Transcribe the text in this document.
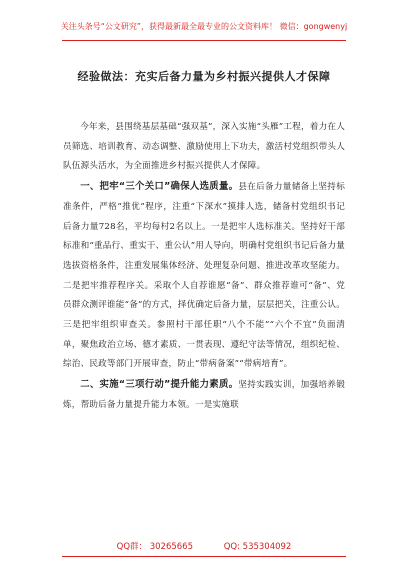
关注头条号“公文研究”，获得最新最全最专业的公文资料库！ 微信：gongwenyj
经验做法：充实后备力量为乡村振兴提供人才保障

今年来，县围绕基层基础“强双基”，深入实施“头雁”工程，着力在人员筛选、培训教育、动态调整、激励使用上下功夫，激活村党组织带头人队伍源头活水，为全面推进乡村振兴提供人才保障。

一、把牢“三个关口”确保人选质量。县在后备力量储备上坚持标准条件，严格“推优”程序，注重“下深水”摸排人选，储备村党组织书记后备力量728名，平均每村2名以上。一是把牢人选标准关。坚持好干部标准和“重品行、重实干、重公认”用人导向，明确村党组织书记后备力量选拔资格条件，注重发展集体经济、处理复杂问题、推进改革攻坚能力。二是把牢推荐程序关。采取个人自荐谁愿“备”、群众推荐谁可“备”、党员群众测评谁能“备”的方式，择优确定后备力量，层层把关，注重公认。三是把牢组织审查关。参照村干部任职“八个不能”“六个不宜”负面清单，聚焦政治立场、德才素质、一贯表现、遵纪守法等情况，组织纪检、综治、民政等部门开展审查，防止“带病备案”“带病培育”。

二、实施“三项行动”提升能力素质。坚持实践实训，加强培养锻炼，帮助后备力量提升能力本领。一是实施联

QQ群： 30265665	QQ: 535304092
